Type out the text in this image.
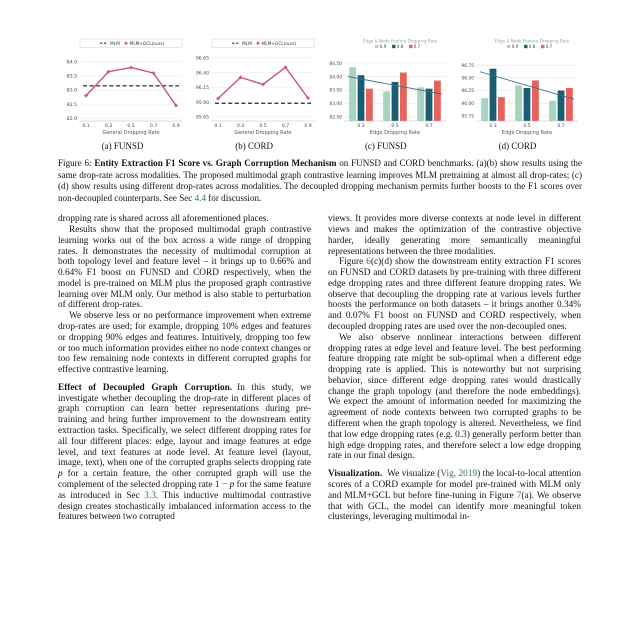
82.0
82.5
83.0
83.5
84.0
0.1	0.3	0.5	0.7	0.9
General Dropping Rate
MLM MLM+GCL(ours)
(a) FUNSD
95.65
95.90
96.15
96.40
96.65
0.1	0.3	0.5	0.7	0.9
General Dropping Rate
MLM MLM+GCL(ours)
(b) CORD
82.50
83.00
83.50
84.00
84.50
0.3	0.5	0.7
Edge Dropping Rate
Edge & Node Feature Dropping Rate
0.9	0.8	0.7
(c) FUNSD
95.75
96.00
96.25
96.50
96.75
0.3	0.5	0.7
Edge Dropping Rate
Edge & Node Feature Dropping Rate
0.9	0.8	0.7
(d) CORD

Figure 6: Entity Extraction F1 Score vs. Graph Corruption Mechanism on FUNSD and CORD benchmarks. (a)(b) show results using the same drop-rate across modalities. The proposed multimodal graph contrastive learning improves MLM pretraining at almost all drop-rates; (c)(d) show results using different drop-rates across modalities. The decoupled dropping mechanism permits further boosts to the F1 scores over non-decoupled counterparts. See Sec 4.4 for discussion.

dropping rate is shared across all aforementioned places.

Results show that the proposed multimodal graph contrastive learning works out of the box across a wide range of dropping rates. It demonstrates the necessity of multimodal corruption at both topology level and feature level – it brings up to 0.66% and 0.64% F1 boost on FUNSD and CORD respectively, when the model is pre-trained on MLM plus the proposed graph contrastive learning over MLM only. Our method is also stable to perturbation of different drop-rates.

We observe less or no performance improvement when extreme drop-rates are used; for example, dropping 10% edges and features or dropping 90% edges and features. Intuitively, dropping too few or too much information provides either no node context changes or too few remaining node contexts in different corrupted graphs for effective contrastive learning.

Effect of Decoupled Graph Corruption. In this study, we investigate whether decoupling the drop-rate in different places of graph corruption can learn better representations during pre-training and bring further improvement to the downstream entity extraction tasks. Specifically, we select different dropping rates for all four different places: edge, layout and image features at edge level, and text features at node level. At feature level (layout, image, text), when one of the corrupted graphs selects dropping rate p for a certain feature, the other corrupted graph will use the complement of the selected dropping rate 1 − p for the same feature as introduced in Sec 3.3. This inductive multimodal contrastive design creates stochastically imbalanced information access to the features between two corrupted

views. It provides more diverse contexts at node level in different views and makes the optimization of the contrastive objective harder, ideally generating more semantically meaningful representations between the three modalities.

Figure 6(c)(d) show the downstream entity extraction F1 scores on FUNSD and CORD datasets by pre-training with three different edge dropping rates and three different feature dropping rates. We observe that decoupling the dropping rate at various levels further boosts the performance on both datasets – it brings another 0.34% and 0.07% F1 boost on FUNSD and CORD respectively, when decoupled dropping rates are used over the non-decoupled ones.

We also observe nonlinear interactions between different dropping rates at edge level and feature level. The best performing feature dropping rate might be sub-optimal when a different edge dropping rate is applied. This is noteworthy but not surprising behavior, since different edge dropping rates would drastically change the graph topology (and therefore the node embeddings). We expect the amount of information needed for maximizing the agreement of node contexts between two corrupted graphs to be different when the graph topology is altered. Nevertheless, we find that low edge dropping rates (e.g. 0.3) generally perform better than high edge dropping rates, and therefore select a low edge dropping rate in our final design.

Visualization. We visualize (Vig, 2019) the local-to-local attention scores of a CORD example for model pre-trained with MLM only and MLM+GCL but before fine-tuning in Figure 7(a). We observe that with GCL, the model can identify more meaningful token clusterings, leveraging multimodal in-
